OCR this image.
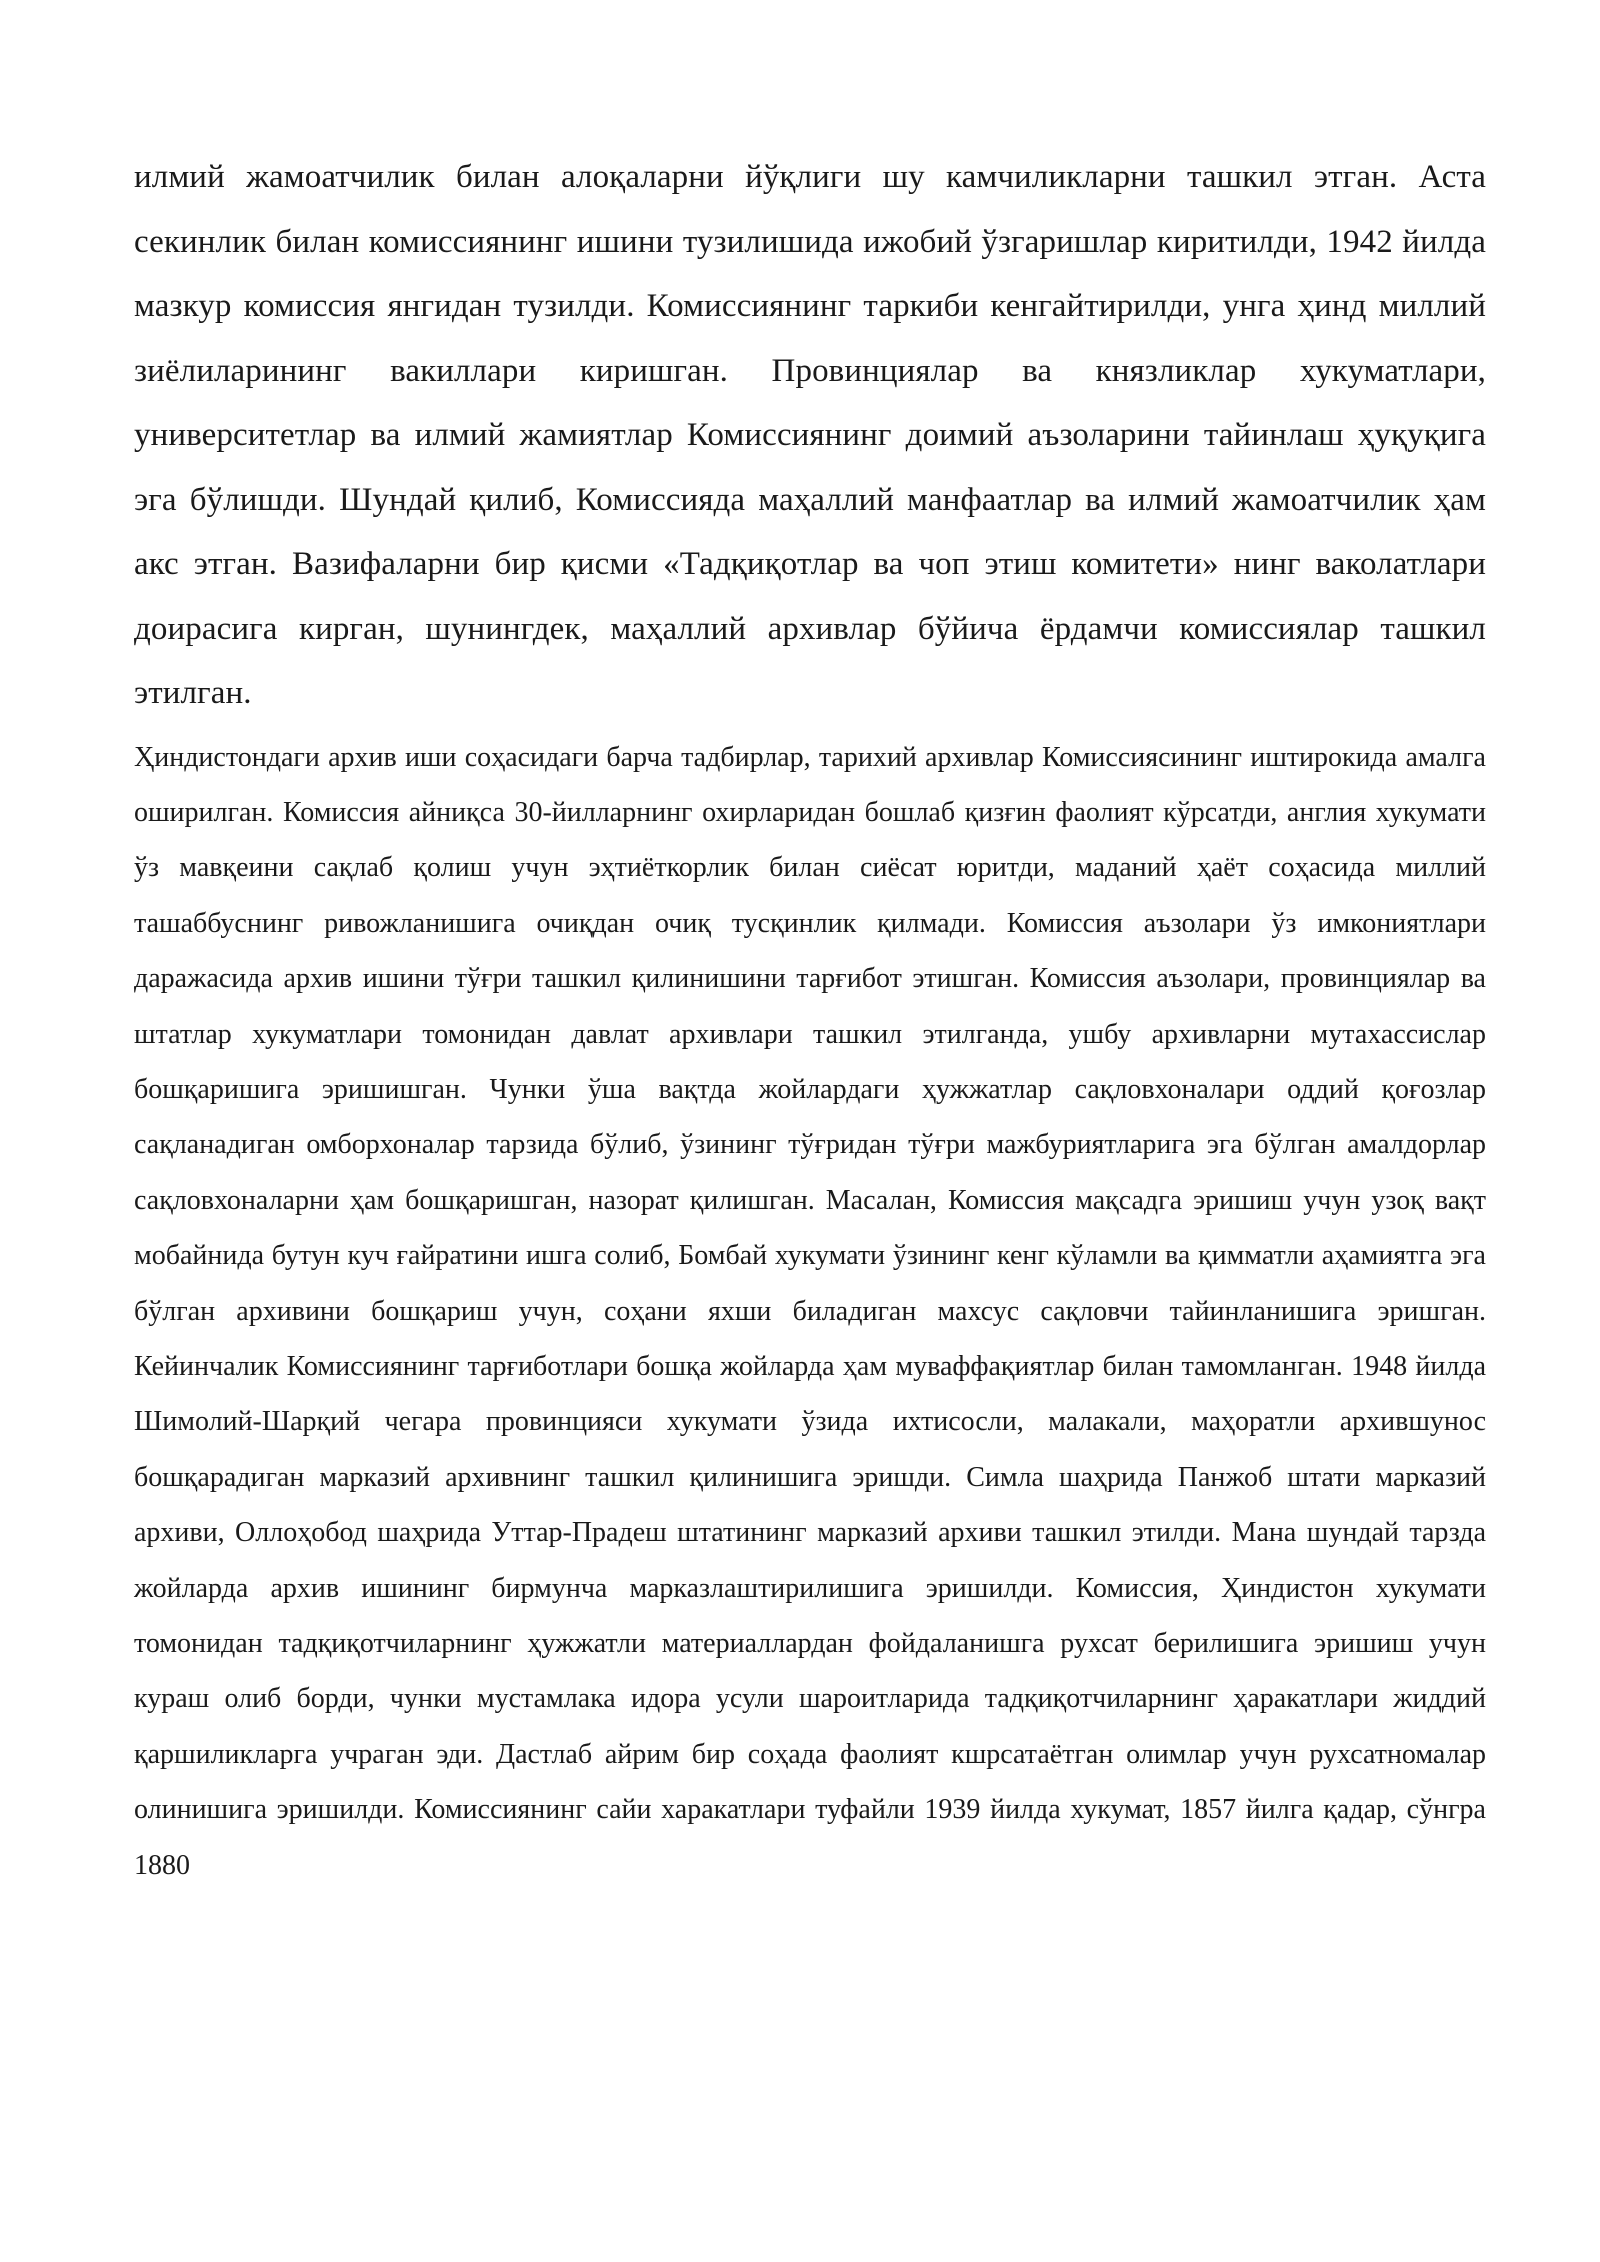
илмий жамоатчилик билан алоқаларни йўқлиги шу камчиликларни ташкил этган. Аста секинлик билан комиссиянинг ишини тузилишида ижобий ўзгаришлар киритилди, 1942 йилда мазкур комиссия янгидан тузилди. Комиссиянинг таркиби кенгайтирилди, унга ҳинд миллий зиёлиларининг вакиллари киришган. Провинциялар ва князликлар хукуматлари, университетлар ва илмий жамиятлар Комиссиянинг доимий аъзоларини тайинлаш ҳуқуқига эга бўлишди. Шундай қилиб, Комиссияда маҳаллий манфаатлар ва илмий жамоатчилик ҳам акс этган. Вазифаларни бир қисми «Тадқиқотлар ва чоп этиш комитети» нинг ваколатлари доирасига кирган, шунингдек, маҳаллий архивлар бўйича ёрдамчи комиссиялар ташкил этилган.

Ҳиндистондаги архив иши соҳасидаги барча тадбирлар, тарихий архивлар Комиссиясининг иштирокида амалга оширилган. Комиссия айниқса 30-йилларнинг охирларидан бошлаб қизғин фаолият кўрсатди, англия хукумати ўз мавқеини сақлаб қолиш учун эҳтиёткорлик билан сиёсат юритди, маданий ҳаёт соҳасида миллий ташаббуснинг ривожланишига очиқдан очиқ тусқинлик қилмади. Комиссия аъзолари ўз имкониятлари даражасида архив ишини тўғри ташкил қилинишини тарғибот этишган. Комиссия аъзолари, провинциялар ва штатлар хукуматлари томонидан давлат архивлари ташкил этилганда, ушбу архивларни мутахассислар бошқаришига эришишган. Чунки ўша вақтда жойлардаги ҳужжатлар сақловхоналари оддий қоғозлар сақланадиган омборхоналар тарзида бўлиб, ўзининг тўғридан тўғри мажбуриятларига эга бўлган амалдорлар сақловхоналарни ҳам бошқаришган, назорат қилишган. Масалан, Комиссия мақсадга эришиш учун узоқ вақт мобайнида бутун куч ғайратини ишга солиб, Бомбай хукумати ўзининг кенг кўламли ва қимматли аҳамиятга эга бўлган архивини бошқариш учун, соҳани яхши биладиган махсус сақловчи тайинланишига эришган. Кейинчалик Комиссиянинг тарғиботлари бошқа жойларда ҳам муваффақиятлар билан тамомланган. 1948 йилда Шимолий-Шарқий чегара провинцияси хукумати ўзида ихтисосли, малакали, маҳоратли архившунос бошқарадиган марказий архивнинг ташкил қилинишига эришди. Симла шаҳрида Панжоб штати марказий архиви, Оллоҳобод шаҳрида Уттар-Прадеш штатининг марказий архиви ташкил этилди. Мана шундай тарзда жойларда архив ишининг бирмунча марказлаштирилишига эришилди. Комиссия, Ҳиндистон хукумати томонидан тадқиқотчиларнинг ҳужжатли материаллардан фойдаланишга рухсат берилишига эришиш учун кураш олиб борди, чунки мустамлака идора усули шароитларида тадқиқотчиларнинг ҳаракатлари жиддий қаршиликларга учраган эди. Дастлаб айрим бир соҳада фаолият кшрсатаётган олимлар учун рухсатномалар олинишига эришилди. Комиссиянинг сайи харакатлари туфайли 1939 йилда хукумат, 1857 йилга қадар, сўнгра 1880
